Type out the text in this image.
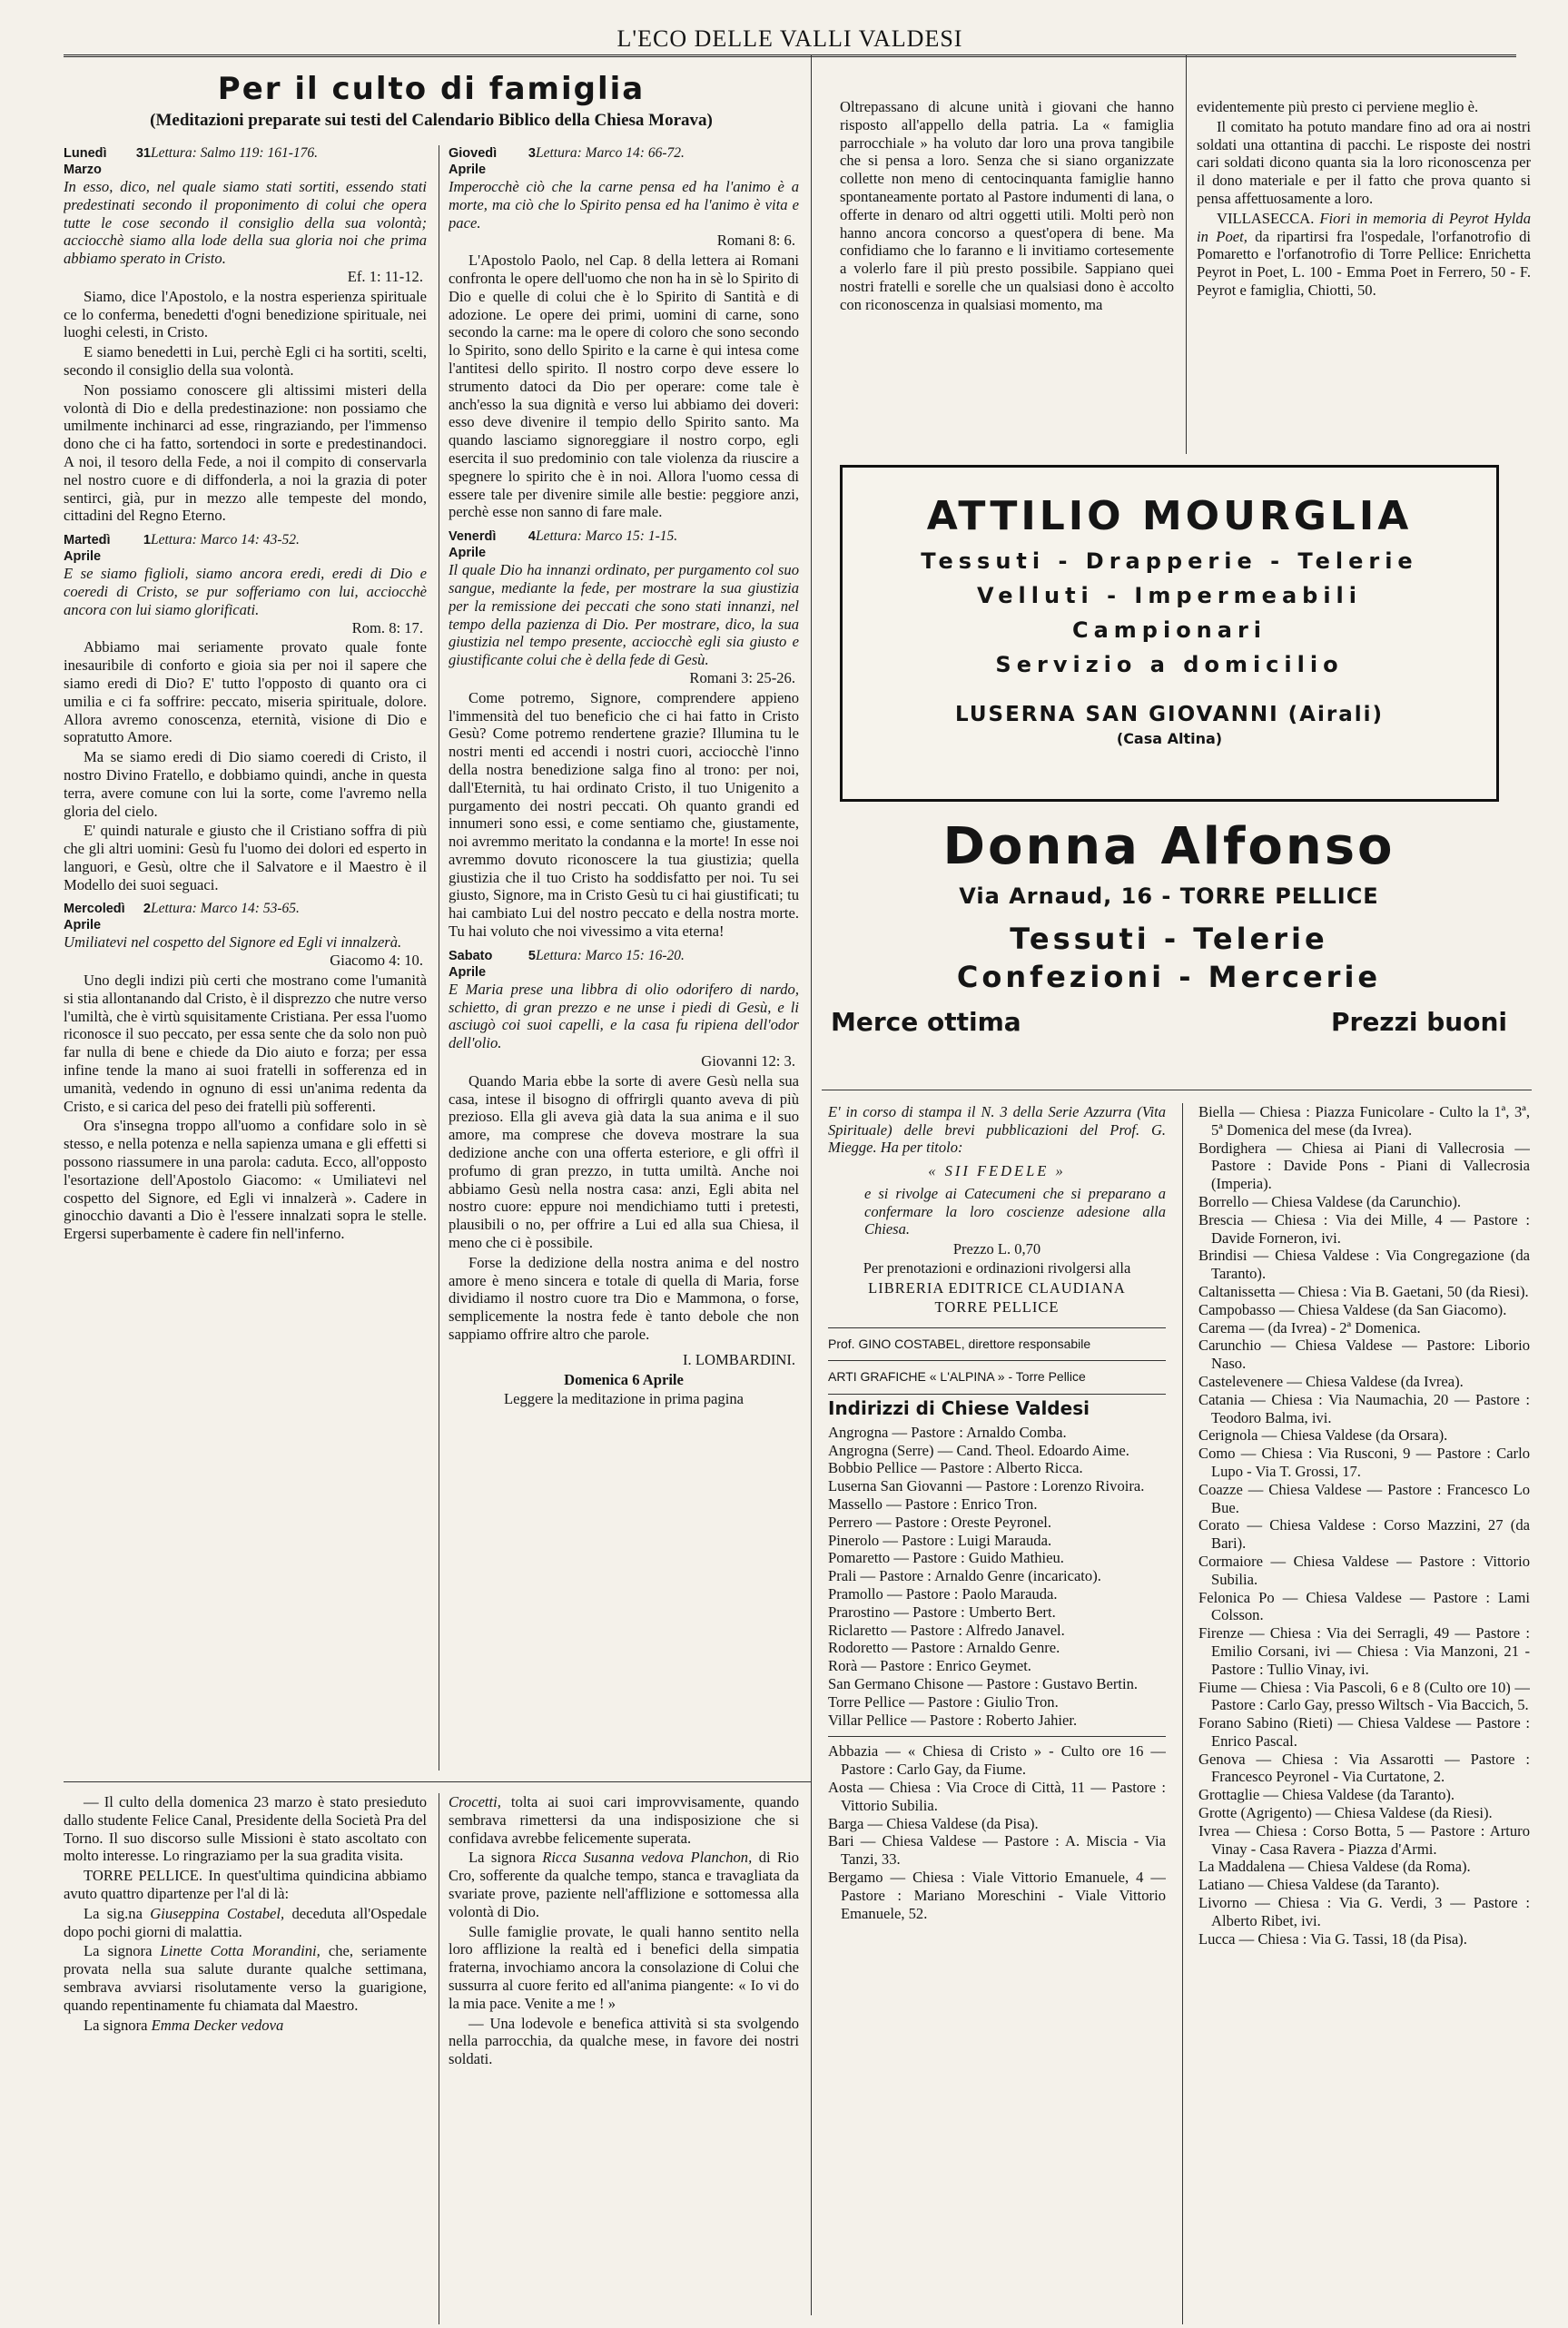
L'ECO DELLE VALLI VALDESI
Per il culto di famiglia
(Meditazioni preparate sui testi del Calendario Biblico della Chiesa Morava)
Lunedì 31 Marzo
Lettura: Salmo 119: 161-176.

In esso, dico, nel quale siamo stati sortiti, essendo stati predestinati secondo il proponimento di colui che opera tutte le cose secondo il consiglio della sua volontà; acciocchè siamo alla lode della sua gloria noi che prima abbiamo sperato in Cristo.

Ef. 1: 11-12.

Siamo, dice l'Apostolo, e la nostra esperienza spirituale ce lo conferma, benedetti d'ogni benedizione spirituale, nei luoghi celesti, in Cristo.

E siamo benedetti in Lui, perchè Egli ci ha sortiti, scelti, secondo il consiglio della sua volontà.

Non possiamo conoscere gli altissimi misteri della volontà di Dio e della predestinazione: non possiamo che umilmente inchinarci ad esse, ringraziando, per l'immenso dono che ci ha fatto, sortendoci in sorte e predestinandoci. A noi, il tesoro della Fede, a noi il compito di conservarla nel nostro cuore e di diffonderla, a noi la grazia di poter sentirci, già, pur in mezzo alle tempeste del mondo, cittadini del Regno Eterno.

Martedì 1 Aprile
Lettura: Marco 14: 43-52.

E se siamo figlioli, siamo ancora eredi, eredi di Dio e coeredi di Cristo, se pur sofferiamo con lui, acciocchè ancora con lui siamo glorificati.

Rom. 8: 17.

Abbiamo mai seriamente provato quale fonte inesauribile di conforto e gioia sia per noi il sapere che siamo eredi di Dio? E' tutto l'opposto di quanto ora ci umilia e ci fa soffrire: peccato, miseria spirituale, dolore. Allora avremo conoscenza, eternità, visione di Dio e sopratutto Amore.

Ma se siamo eredi di Dio siamo coeredi di Cristo, il nostro Divino Fratello, e dobbiamo quindi, anche in questa terra, avere comune con lui la sorte, come l'avremo nella gloria del cielo.

E' quindi naturale e giusto che il Cristiano soffra di più che gli altri uomini: Gesù fu l'uomo dei dolori ed esperto in languori, e Gesù, oltre che il Salvatore e il Maestro è il Modello dei suoi seguaci.

Mercoledì 2 Aprile
Lettura: Marco 14: 53-65.

Umiliatevi nel cospetto del Signore ed Egli vi innalzerà.

Giacomo 4: 10.

Uno degli indizi più certi che mostrano come l'umanità si stia allontanando dal Cristo, è il disprezzo che nutre verso l'umiltà, che è virtù squisitamente Cristiana. Per essa l'uomo riconosce il suo peccato, per essa sente che da solo non può far nulla di bene e chiede da Dio aiuto e forza; per essa infine tende la mano ai suoi fratelli in sofferenza ed in umanità, vedendo in ognuno di essi un'anima redenta da Cristo, e si carica del peso dei fratelli più sofferenti.

Ora s'insegna troppo all'uomo a confidare solo in sè stesso, e nella potenza e nella sapienza umana e gli effetti si possono riassumere in una parola: caduta. Ecco, all'opposto l'esortazione dell'Apostolo Giacomo: « Umiliatevi nel cospetto del Signore, ed Egli vi innalzerà ». Cadere in ginocchio davanti a Dio è l'essere innalzati sopra le stelle. Ergersi superbamente è cadere fin nell'inferno.

Giovedì 3 Aprile
Lettura: Marco 14: 66-72.

Imperocchè ciò che la carne pensa ed ha l'animo è a morte, ma ciò che lo Spirito pensa ed ha l'animo è vita e pace.

Romani 8: 6.

L'Apostolo Paolo, nel Cap. 8 della lettera ai Romani confronta le opere dell'uomo che non ha in sè lo Spirito di Dio e quelle di colui che è lo Spirito di Santità e di adozione. Le opere dei primi, uomini di carne, sono secondo la carne: ma le opere di coloro che sono secondo lo Spirito, sono dello Spirito e la carne è qui intesa come l'antitesi dello spirito. Il nostro corpo deve essere lo strumento datoci da Dio per operare: come tale è anch'esso la sua dignità e verso lui abbiamo dei doveri: esso deve divenire il tempio dello Spirito santo. Ma quando lasciamo signoreggiare il nostro corpo, egli esercita il suo predominio con tale violenza da riuscire a spegnere lo spirito che è in noi. Allora l'uomo cessa di essere tale per divenire simile alle bestie: peggiore anzi, perchè esse non sanno di fare male.

Venerdì 4 Aprile
Lettura: Marco 15: 1-15.

Il quale Dio ha innanzi ordinato, per purgamento col suo sangue, mediante la fede, per mostrare la sua giustizia per la remissione dei peccati che sono stati innanzi, nel tempo della pazienza di Dio. Per mostrare, dico, la sua giustizia nel tempo presente, acciocchè egli sia giusto e giustificante colui che è della fede di Gesù.

Romani 3: 25-26.

Come potremo, Signore, comprendere appieno l'immensità del tuo beneficio che ci hai fatto in Cristo Gesù? Come potremo rendertene grazie? Illumina tu le nostri menti ed accendi i nostri cuori, acciocchè l'inno della nostra benedizione salga fino al trono: per noi, dall'Eternità, tu hai ordinato Cristo, il tuo Unigenito a purgamento dei nostri peccati. Oh quanto grandi ed innumeri sono essi, e come sentiamo che, giustamente, noi avremmo meritato la condanna e la morte! In esse noi avremmo dovuto riconoscere la tua giustizia; quella giustizia che il tuo Cristo ha soddisfatto per noi. Tu sei giusto, Signore, ma in Cristo Gesù tu ci hai giustificati; tu hai cambiato Lui del nostro peccato e della nostra morte. Tu hai voluto che noi vivessimo a vita eterna!

Sabato 5 Aprile
Lettura: Marco 15: 16-20.

E Maria prese una libbra di olio odorifero di nardo, schietto, di gran prezzo e ne unse i piedi di Gesù, e li asciugò coi suoi capelli, e la casa fu ripiena dell'odor dell'olio.

Giovanni 12: 3.

Quando Maria ebbe la sorte di avere Gesù nella sua casa, intese il bisogno di offrirgli quanto aveva di più prezioso. Ella gli aveva già data la sua anima e il suo amore, ma comprese che doveva mostrare la sua dedizione anche con una offerta esteriore, e gli offrì il profumo di gran prezzo, in tutta umiltà. Anche noi abbiamo Gesù nella nostra casa: anzi, Egli abita nel nostro cuore: eppure noi mendichiamo tutti i pretesti, plausibili o no, per offrire a Lui ed alla sua Chiesa, il meno che ci è possibile.

Forse la dedizione della nostra anima e del nostro amore è meno sincera e totale di quella di Maria, forse dividiamo il nostro cuore tra Dio e Mammona, o forse, semplicemente la nostra fede è tanto debole che non sappiamo offrire altro che parole.

I. LOMBARDINI.

Domenica 6 Aprile

Leggere la meditazione in prima pagina

Oltrepassano di alcune unità i giovani che hanno risposto all'appello della patria. La « famiglia parrocchiale » ha voluto dar loro una prova tangibile che si pensa a loro. Senza che si siano organizzate collette non meno di centocinquanta famiglie hanno spontaneamente portato al Pastore indumenti di lana, o offerte in denaro od altri oggetti utili. Molti però non hanno ancora concorso a quest'opera di bene. Ma confidiamo che lo faranno e li invitiamo cortesemente a volerlo fare il più presto possibile. Sappiano quei nostri fratelli e sorelle che un qualsiasi dono è accolto con riconoscenza in qualsiasi momento, ma

evidentemente più presto ci perviene meglio è.

Il comitato ha potuto mandare fino ad ora ai nostri soldati una ottantina di pacchi. Le risposte dei nostri cari soldati dicono quanta sia la loro riconoscenza per il dono materiale e per il fatto che prova quanto si pensa affettuosamente a loro.

VILLASECCA. Fiori in memoria di Peyrot Hylda in Poet, da ripartirsi fra l'ospedale, l'orfanotrofio di Pomaretto e l'orfanotrofio di Torre Pellice: Enrichetta Peyrot in Poet, L. 100 - Emma Poet in Ferrero, 50 - F. Peyrot e famiglia, Chiotti, 50.

ATTILIO MOURGLIA
Tessuti - Drapperie - Telerie
Velluti - Impermeabili
Campionari
Servizio a domicilio
LUSERNA SAN GIOVANNI (Airali)
(Casa Altina)
Donna Alfonso
Via Arnaud, 16 - TORRE PELLICE
Tessuti - Telerie
Confezioni - Mercerie
Merce ottima	Prezzi buoni

E' in corso di stampa il N. 3 della Serie Azzurra (Vita Spirituale) delle brevi pubblicazioni del Prof. G. Miegge. Ha per titolo:

« SII FEDELE »

e si rivolge ai Catecumeni che si preparano a confermare la loro coscienze adesione alla Chiesa.

Prezzo L. 0,70

Per prenotazioni e ordinazioni rivolgersi alla

LIBRERIA EDITRICE CLAUDIANA

TORRE PELLICE

Prof. GINO COSTABEL, direttore responsabile

ARTI GRAFICHE « L'ALPINA » - Torre Pellice

Indirizzi di Chiese Valdesi

Angrogna — Pastore : Arnaldo Comba.

Angrogna (Serre) — Cand. Theol. Edoardo Aime.

Bobbio Pellice — Pastore : Alberto Ricca.

Luserna San Giovanni — Pastore : Lorenzo Rivoira.

Massello — Pastore : Enrico Tron.

Perrero — Pastore : Oreste Peyronel.

Pinerolo — Pastore : Luigi Marauda.

Pomaretto — Pastore : Guido Mathieu.

Prali — Pastore : Arnaldo Genre (incaricato).

Pramollo — Pastore : Paolo Marauda.

Prarostino — Pastore : Umberto Bert.

Riclaretto — Pastore : Alfredo Janavel.

Rodoretto — Pastore : Arnaldo Genre.

Rorà — Pastore : Enrico Geymet.

San Germano Chisone — Pastore : Gustavo Bertin.

Torre Pellice — Pastore : Giulio Tron.

Villar Pellice — Pastore : Roberto Jahier.

Abbazia — « Chiesa di Cristo » - Culto ore 16 — Pastore : Carlo Gay, da Fiume.

Aosta — Chiesa : Via Croce di Città, 11 — Pastore : Vittorio Subilia.

Barga — Chiesa Valdese (da Pisa).

Bari — Chiesa Valdese — Pastore : A. Miscia - Via Tanzi, 33.

Bergamo — Chiesa : Viale Vittorio Emanuele, 4 — Pastore : Mariano Moreschini - Viale Vittorio Emanuele, 52.

Biella — Chiesa : Piazza Funicolare - Culto la 1ª, 3ª, 5ª Domenica del mese (da Ivrea).

Bordighera — Chiesa ai Piani di Vallecrosia — Pastore : Davide Pons - Piani di Vallecrosia (Imperia).

Borrello — Chiesa Valdese (da Carunchio).

Brescia — Chiesa : Via dei Mille, 4 — Pastore : Davide Forneron, ivi.

Brindisi — Chiesa Valdese : Via Congregazione (da Taranto).

Caltanissetta — Chiesa : Via B. Gaetani, 50 (da Riesi).

Campobasso — Chiesa Valdese (da San Giacomo).

Carema — (da Ivrea) - 2ª Domenica.

Carunchio — Chiesa Valdese — Pastore: Liborio Naso.

Castelevenere — Chiesa Valdese (da Ivrea).

Catania — Chiesa : Via Naumachia, 20 — Pastore : Teodoro Balma, ivi.

Cerignola — Chiesa Valdese (da Orsara).

Como — Chiesa : Via Rusconi, 9 — Pastore : Carlo Lupo - Via T. Grossi, 17.

Coazze — Chiesa Valdese — Pastore : Francesco Lo Bue.

Corato — Chiesa Valdese : Corso Mazzini, 27 (da Bari).

Cormaiore — Chiesa Valdese — Pastore : Vittorio Subilia.

Felonica Po — Chiesa Valdese — Pastore : Lami Colsson.

Firenze — Chiesa : Via dei Serragli, 49 — Pastore : Emilio Corsani, ivi — Chiesa : Via Manzoni, 21 - Pastore : Tullio Vinay, ivi.

Fiume — Chiesa : Via Pascoli, 6 e 8 (Culto ore 10) — Pastore : Carlo Gay, presso Wiltsch - Via Baccich, 5.

Forano Sabino (Rieti) — Chiesa Valdese — Pastore : Enrico Pascal.

Genova — Chiesa : Via Assarotti — Pastore : Francesco Peyronel - Via Curtatone, 2.

Grottaglie — Chiesa Valdese (da Taranto).

Grotte (Agrigento) — Chiesa Valdese (da Riesi).

Ivrea — Chiesa : Corso Botta, 5 — Pastore : Arturo Vinay - Casa Ravera - Piazza d'Armi.

La Maddalena — Chiesa Valdese (da Roma).

Latiano — Chiesa Valdese (da Taranto).

Livorno — Chiesa : Via G. Verdi, 3 — Pastore : Alberto Ribet, ivi.

Lucca — Chiesa : Via G. Tassi, 18 (da Pisa).

— Il culto della domenica 23 marzo è stato presieduto dallo studente Felice Canal, Presidente della Società Pra del Torno. Il suo discorso sulle Missioni è stato ascoltato con molto interesse. Lo ringraziamo per la sua gradita visita.

TORRE PELLICE. In quest'ultima quindicina abbiamo avuto quattro dipartenze per l'al di là:

La sig.na Giuseppina Costabel, deceduta all'Ospedale dopo pochi giorni di malattia.

La signora Linette Cotta Morandini, che, seriamente provata nella sua salute durante qualche settimana, sembrava avviarsi risolutamente verso la guarigione, quando repentinamente fu chiamata dal Maestro.

La signora Emma Decker vedova

Crocetti, tolta ai suoi cari improvvisamente, quando sembrava rimettersi da una indisposizione che si confidava avrebbe felicemente superata.

La signora Ricca Susanna vedova Planchon, di Rio Cro, sofferente da qualche tempo, stanca e travagliata da svariate prove, paziente nell'afflizione e sottomessa alla volontà di Dio.

Sulle famiglie provate, le quali hanno sentito nella loro afflizione la realtà ed i benefici della simpatia fraterna, invochiamo ancora la consolazione di Colui che sussurra al cuore ferito ed all'anima piangente: « Io vi do la mia pace. Venite a me ! »

— Una lodevole e benefica attività si sta svolgendo nella parrocchia, da qualche mese, in favore dei nostri soldati.
